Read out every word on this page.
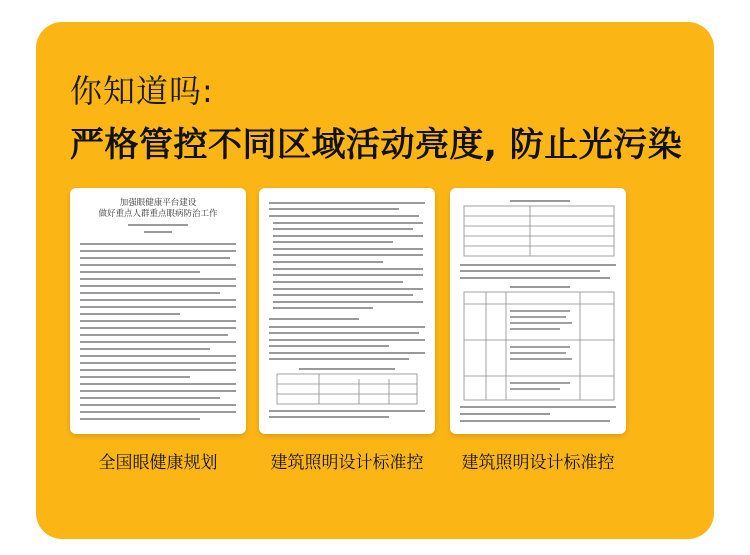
你知道吗:
严格管控不同区域活动亮度, 防止光污染
加强眼健康平台建设
做好重点人群重点眼病防治工作

全国眼健康规划	建筑照明设计标准控	建筑照明设计标准控
